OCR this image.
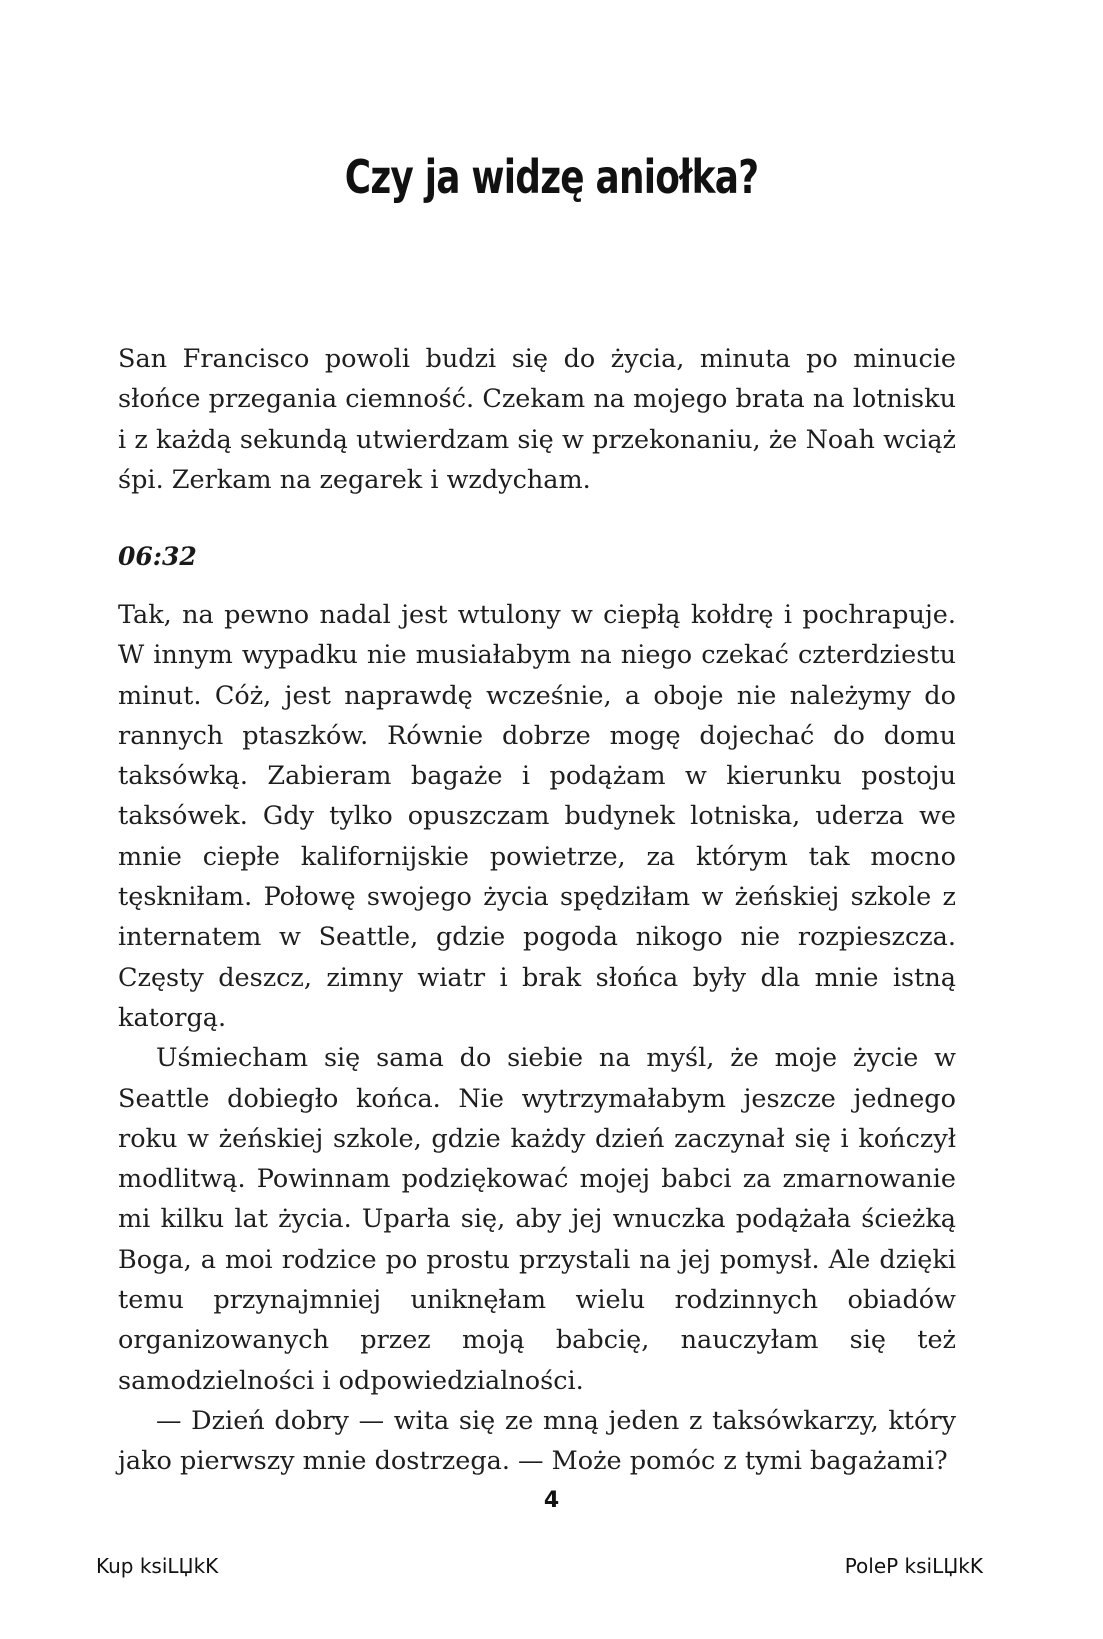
Czy ja widzę aniołka?

San Francisco powoli budzi się do życia, minuta po minucie słońce przegania ciemność. Czekam na mojego brata na lotnisku i z każdą sekundą utwierdzam się w przekonaniu, że Noah wciąż śpi. Zerkam na zegarek i wzdycham.

06:32

Tak, na pewno nadal jest wtulony w ciepłą kołdrę i pochrapuje. W innym wypadku nie musiałabym na niego czekać czterdziestu minut. Cóż, jest naprawdę wcześnie, a oboje nie należymy do rannych ptaszków. Równie dobrze mogę dojechać do domu taksówką. Zabieram bagaże i podążam w kierunku postoju taksówek. Gdy tylko opuszczam budynek lotniska, uderza we mnie ciepłe kalifornijskie powietrze, za którym tak mocno tęskniłam. Połowę swojego życia spędziłam w żeńskiej szkole z internatem w Seattle, gdzie pogoda nikogo nie rozpieszcza. Częsty deszcz, zimny wiatr i brak słońca były dla mnie istną katorgą.

Uśmiecham się sama do siebie na myśl, że moje życie w Seattle dobiegło końca. Nie wytrzymałabym jeszcze jednego roku w żeńskiej szkole, gdzie każdy dzień zaczynał się i kończył modlitwą. Powinnam podziękować mojej babci za zmarnowanie mi kilku lat życia. Uparła się, aby jej wnuczka podążała ścieżką Boga, a moi rodzice po prostu przystali na jej pomysł. Ale dzięki temu przynajmniej uniknęłam wielu rodzinnych obiadów organizowanych przez moją babcię, nauczyłam się też samodzielności i odpowiedzialności.

— Dzień dobry — wita się ze mną jeden z taksówkarzy, który jako pierwszy mnie dostrzega. — Może pomóc z tymi bagażami?

4
Kup ksiLЏkK	PoleP ksiLЏkK
